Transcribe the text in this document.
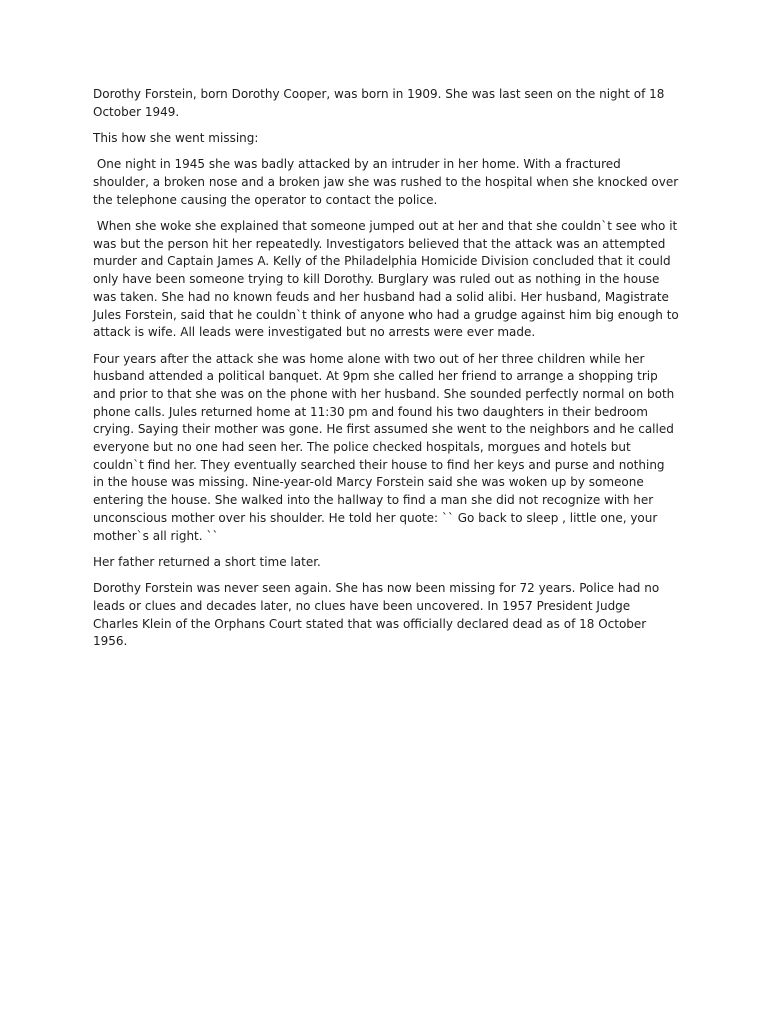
Dorothy Forstein, born Dorothy Cooper, was born in 1909. She was last seen on the night of 18 October 1949.

This how she went missing:

One night in 1945 she was badly attacked by an intruder in her home. With a fractured shoulder, a broken nose and a broken jaw she was rushed to the hospital when she knocked over the telephone causing the operator to contact the police.

When she woke she explained that someone jumped out at her and that she couldn`t see who it was but the person hit her repeatedly. Investigators believed that the attack was an attempted murder and Captain James A. Kelly of the Philadelphia Homicide Division concluded that it could only have been someone trying to kill Dorothy. Burglary was ruled out as nothing in the house was taken. She had no known feuds and her husband had a solid alibi. Her husband, Magistrate Jules Forstein, said that he couldn`t think of anyone who had a grudge against him big enough to attack is wife. All leads were investigated but no arrests were ever made.

Four years after the attack she was home alone with two out of her three children while her husband attended a political banquet. At 9pm she called her friend to arrange a shopping trip and prior to that she was on the phone with her husband. She sounded perfectly normal on both phone calls. Jules returned home at 11:30 pm and found his two daughters in their bedroom crying. Saying their mother was gone. He first assumed she went to the neighbors and he called everyone but no one had seen her. The police checked hospitals, morgues and hotels but couldn`t find her. They eventually searched their house to find her keys and purse and nothing in the house was missing. Nine-year-old Marcy Forstein said she was woken up by someone entering the house. She walked into the hallway to find a man she did not recognize with her unconscious mother over his shoulder. He told her quote: `` Go back to sleep , little one, your mother`s all right. ``

Her father returned a short time later.

Dorothy Forstein was never seen again. She has now been missing for 72 years. Police had no leads or clues and decades later, no clues have been uncovered. In 1957 President Judge Charles Klein of the Orphans Court stated that was officially declared dead as of 18 October 1956.
